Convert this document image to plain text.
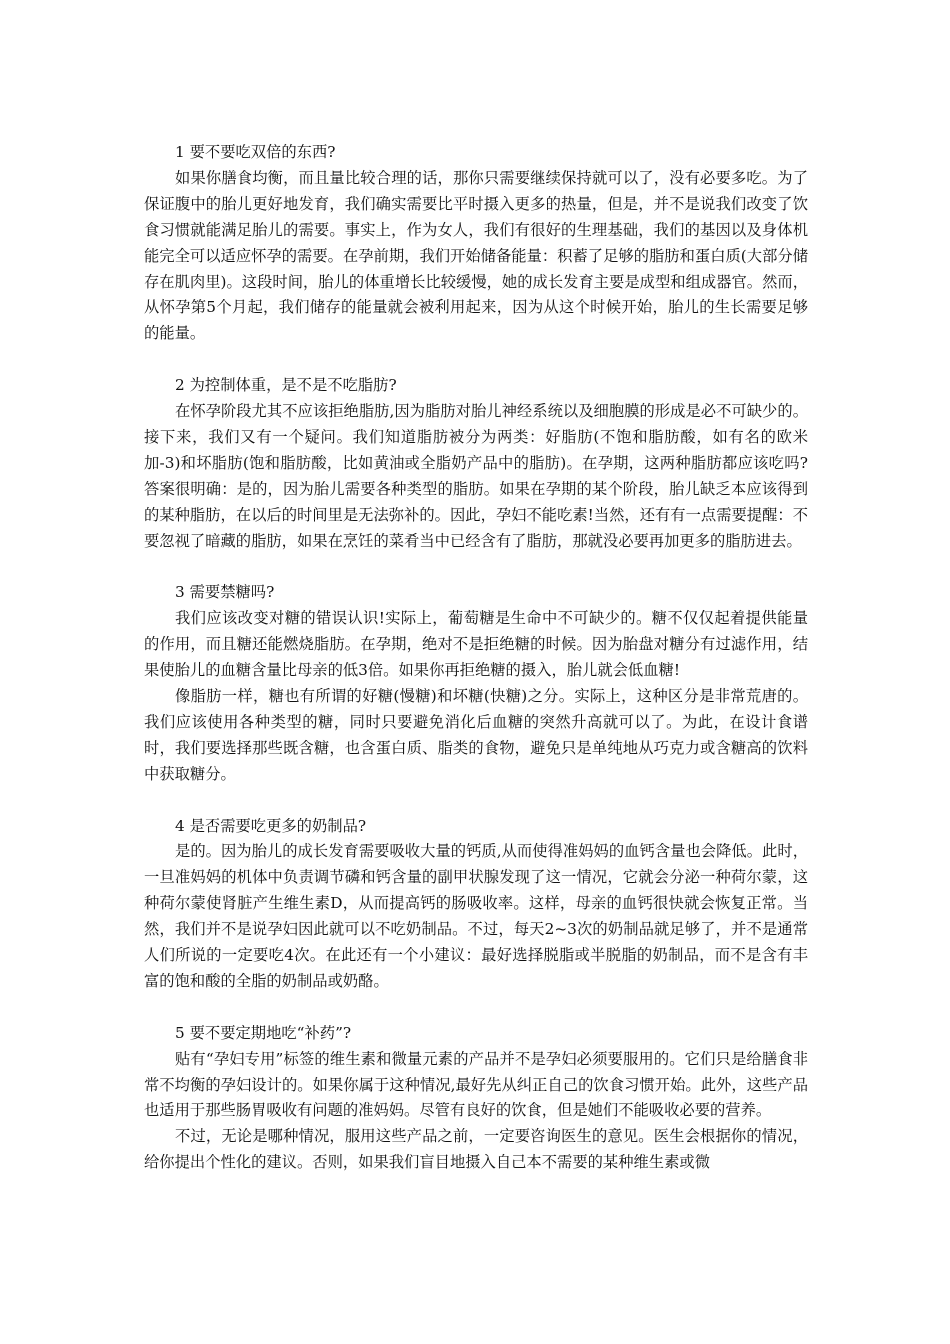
1 要不要吃双倍的东西?

如果你膳食均衡，而且量比较合理的话，那你只需要继续保持就可以了，没有必要多吃。为了保证腹中的胎儿更好地发育，我们确实需要比平时摄入更多的热量，但是，并不是说我们改变了饮食习惯就能满足胎儿的需要。事实上，作为女人，我们有很好的生理基础，我们的基因以及身体机能完全可以适应怀孕的需要。在孕前期，我们开始储备能量：积蓄了足够的脂肪和蛋白质(大部分储存在肌肉里)。这段时间，胎儿的体重增长比较缓慢，她的成长发育主要是成型和组成器官。然而，从怀孕第5个月起，我们储存的能量就会被利用起来，因为从这个时候开始，胎儿的生长需要足够的能量。

2 为控制体重，是不是不吃脂肪?

在怀孕阶段尤其不应该拒绝脂肪,因为脂肪对胎儿神经系统以及细胞膜的形成是必不可缺少的。接下来，我们又有一个疑问。我们知道脂肪被分为两类：好脂肪(不饱和脂肪酸，如有名的欧米加-3)和坏脂肪(饱和脂肪酸，比如黄油或全脂奶产品中的脂肪)。在孕期，这两种脂肪都应该吃吗?答案很明确：是的，因为胎儿需要各种类型的脂肪。如果在孕期的某个阶段，胎儿缺乏本应该得到的某种脂肪，在以后的时间里是无法弥补的。因此，孕妇不能吃素!当然，还有有一点需要提醒：不要忽视了暗藏的脂肪，如果在烹饪的菜肴当中已经含有了脂肪，那就没必要再加更多的脂肪进去。

3 需要禁糖吗?

我们应该改变对糖的错误认识!实际上，葡萄糖是生命中不可缺少的。糖不仅仅起着提供能量的作用，而且糖还能燃烧脂肪。在孕期，绝对不是拒绝糖的时候。因为胎盘对糖分有过滤作用，结果使胎儿的血糖含量比母亲的低3倍。如果你再拒绝糖的摄入，胎儿就会低血糖!

像脂肪一样，糖也有所谓的好糖(慢糖)和坏糖(快糖)之分。实际上，这种区分是非常荒唐的。我们应该使用各种类型的糖，同时只要避免消化后血糖的突然升高就可以了。为此，在设计食谱时，我们要选择那些既含糖，也含蛋白质、脂类的食物，避免只是单纯地从巧克力或含糖高的饮料中获取糖分。

4 是否需要吃更多的奶制品?

是的。因为胎儿的成长发育需要吸收大量的钙质,从而使得准妈妈的血钙含量也会降低。此时，一旦准妈妈的机体中负责调节磷和钙含量的副甲状腺发现了这一情况，它就会分泌一种荷尔蒙，这种荷尔蒙使肾脏产生维生素D，从而提高钙的肠吸收率。这样，母亲的血钙很快就会恢复正常。当然，我们并不是说孕妇因此就可以不吃奶制品。不过，每天2~3次的奶制品就足够了，并不是通常人们所说的一定要吃4次。在此还有一个小建议：最好选择脱脂或半脱脂的奶制品，而不是含有丰富的饱和酸的全脂的奶制品或奶酪。

5 要不要定期地吃“补药”?

贴有“孕妇专用”标签的维生素和微量元素的产品并不是孕妇必须要服用的。它们只是给膳食非常不均衡的孕妇设计的。如果你属于这种情况,最好先从纠正自己的饮食习惯开始。此外，这些产品也适用于那些肠胃吸收有问题的准妈妈。尽管有良好的饮食，但是她们不能吸收必要的营养。

不过，无论是哪种情况，服用这些产品之前，一定要咨询医生的意见。医生会根据你的情况，给你提出个性化的建议。否则，如果我们盲目地摄入自己本不需要的某种维生素或微
